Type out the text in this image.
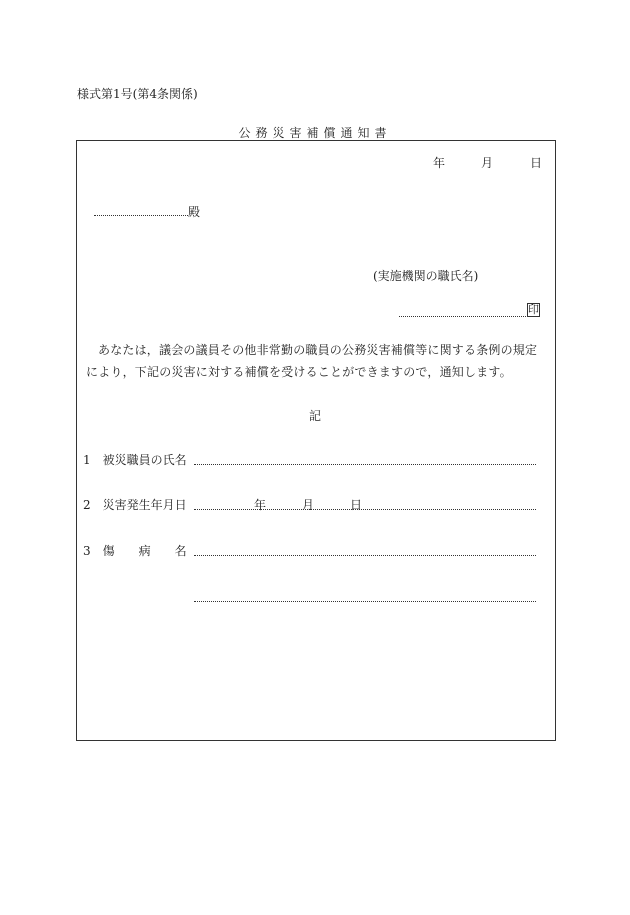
様式第1号(第4条関係)
公務災害補償通知書
年	月	日
殿
(実施機関の職氏名)
印
あなたは，議会の議員その他非常勤の職員の公務災害補償等に関する条例の規定により，下記の災害に対する補償を受けることができますので，通知します。
記
1　被災職員の氏名
2　災害発生年月日	年	月	日
3　傷　　病　　名
